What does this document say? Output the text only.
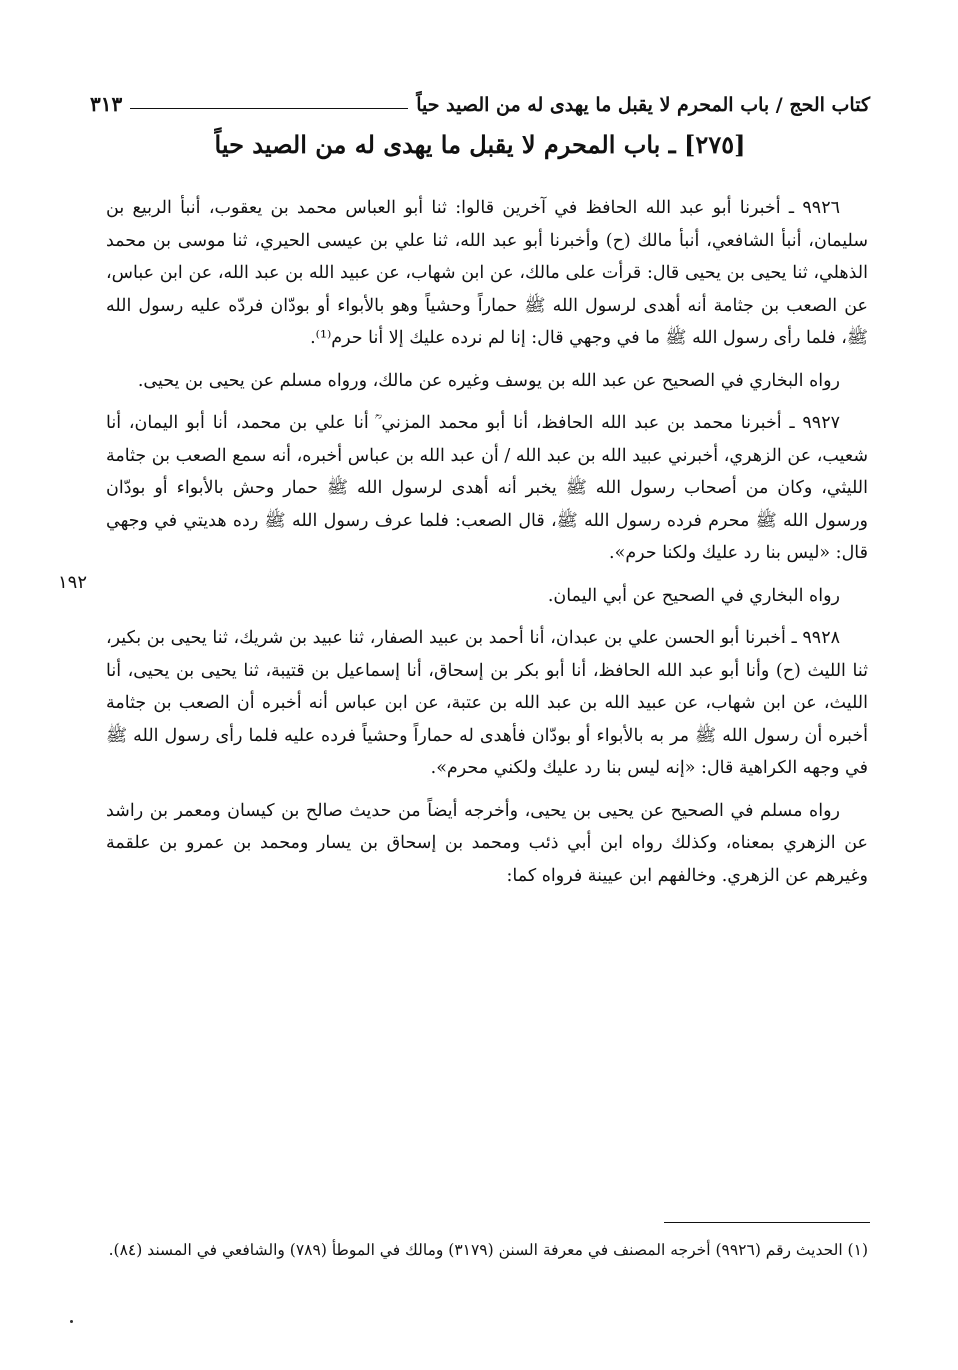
كتاب الحج / باب المحرم لا يقبل ما يهدى له من الصيد حياً
٣١٣
[٢٧٥] ـ باب المحرم لا يقبل ما يهدى له من الصيد حياً

٩٩٢٦ ـ أخبرنا أبو عبد الله الحافظ في آخرين قالوا: ثنا أبو العباس محمد بن يعقوب، أنبأ الربيع بن سليمان، أنبأ الشافعي، أنبأ مالك (ح) وأخبرنا أبو عبد الله، ثنا علي بن عيسى الحيري، ثنا موسى بن محمد الذهلي، ثنا يحيى بن يحيى قال: قرأت على مالك، عن ابن شهاب، عن عبيد الله بن عبد الله، عن ابن عباس، عن الصعب بن جثامة أنه أهدى لرسول الله ﷺ حماراً وحشياً وهو بالأبواء أو بودّان فردّه عليه رسول الله ﷺ، فلما رأى رسول الله ﷺ ما في وجهي قال: إنا لم نرده عليك إلا أنا حرم⁽¹⁾.

رواه البخاري في الصحيح عن عبد الله بن يوسف وغيره عن مالك، ورواه مسلم عن يحيى بن يحيى.

٩٩٢٧ ـ أخبرنا محمد بن عبد الله الحافظ، أنا أبو محمد المزني ؒ أنا علي بن محمد، أنا أبو اليمان، أنا شعيب، عن الزهري، أخبرني عبيد الله بن عبد الله / أن عبد الله بن عباس أخبره، أنه سمع الصعب بن جثامة الليثي، وكان من أصحاب رسول الله ﷺ يخبر أنه أهدى لرسول الله ﷺ حمار وحش بالأبواء أو بودّان ورسول الله ﷺ محرم فرده رسول الله ﷺ، قال الصعب: فلما عرف رسول الله ﷺ رده هديتي في وجهي قال: «ليس بنا رد عليك ولكنا حرم».

رواه البخاري في الصحيح عن أبي اليمان.

٩٩٢٨ ـ أخبرنا أبو الحسن علي بن عبدان، أنا أحمد بن عبيد الصفار، ثنا عبيد بن شريك، ثنا يحيى بن بكير، ثنا الليث (ح) وأنا أبو عبد الله الحافظ، أنا أبو بكر بن إسحاق، أنا إسماعيل بن قتيبة، ثنا يحيى بن يحيى، أنا الليث، عن ابن شهاب، عن عبيد الله بن عبد الله بن عتبة، عن ابن عباس أنه أخبره أن الصعب بن جثامة أخبره أن رسول الله ﷺ مر به بالأبواء أو بودّان فأهدى له حماراً وحشياً فرده عليه فلما رأى رسول الله ﷺ في وجهه الكراهية قال: «إنه ليس بنا رد عليك ولكني محرم».

رواه مسلم في الصحيح عن يحيى بن يحيى، وأخرجه أيضاً من حديث صالح بن كيسان ومعمر بن راشد عن الزهري بمعناه، وكذلك رواه ابن أبي ذئب ومحمد بن إسحاق بن يسار ومحمد بن عمرو بن علقمة وغيرهم عن الزهري. وخالفهم ابن عيينة فرواه كما:

١٩٢
(١) الحديث رقم (٩٩٢٦) أخرجه المصنف في معرفة السنن (٣١٧٩) ومالك في الموطأ (٧٨٩) والشافعي في المسند (٨٤).
